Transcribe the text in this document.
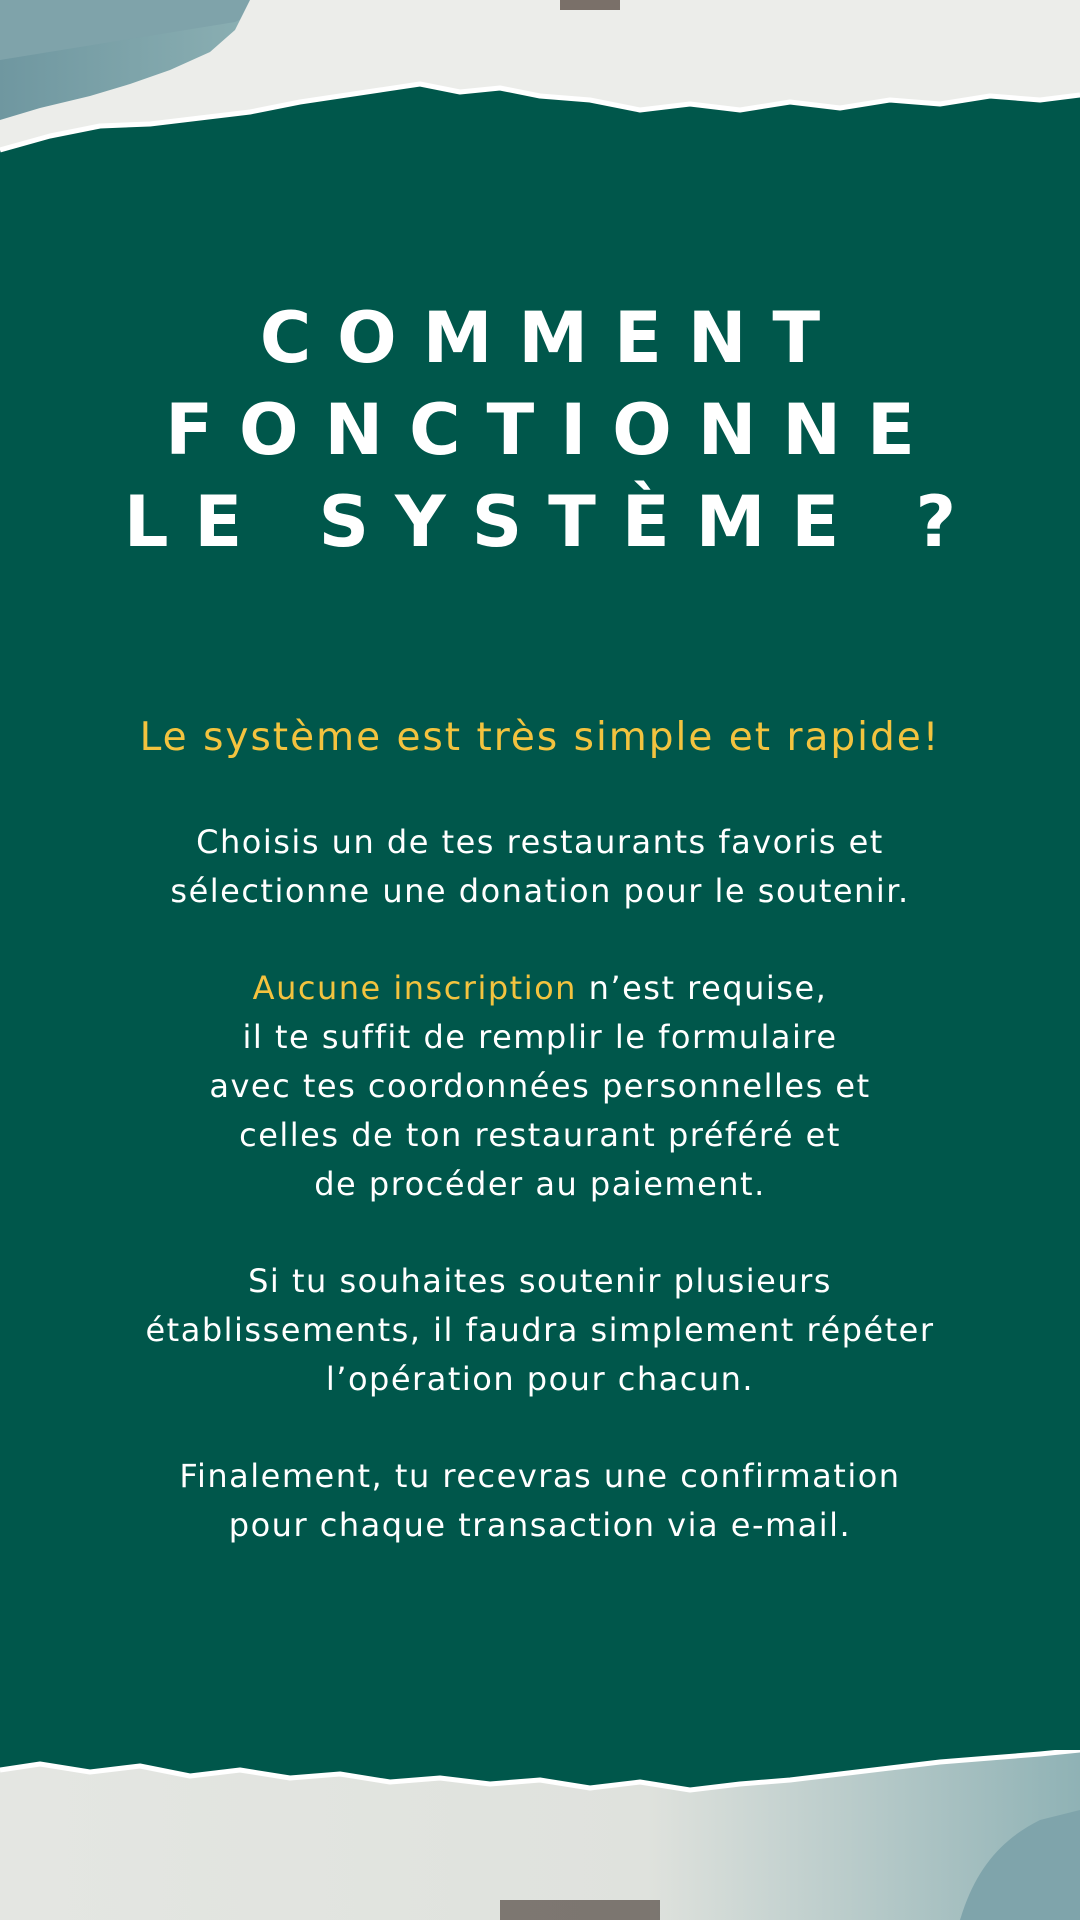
COMMENT
FONCTIONNE
LE SYSTÈME ?

Le système est très simple et rapide!

Choisis un de tes restaurants favoris et
sélectionne une donation pour le soutenir.

Aucune inscription n’est requise,
il te suffit de remplir le formulaire
avec tes coordonnées personnelles et
celles de ton restaurant préféré et
de procéder au paiement.

Si tu souhaites soutenir plusieurs
établissements, il faudra simplement répéter
l’opération pour chacun.

Finalement, tu recevras une confirmation
pour chaque transaction via e-mail.
